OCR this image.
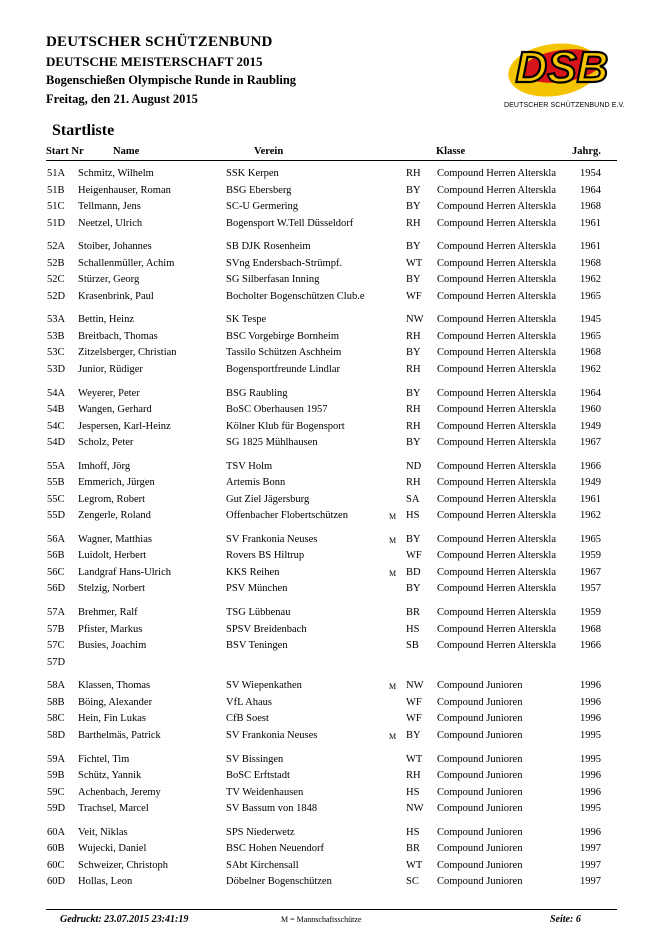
DEUTSCHER SCHÜTZENBUND
DEUTSCHE MEISTERSCHAFT 2015
Bogenschießen Olympische Runde in Raubling
Freitag, den 21. August 2015
DSB
DEUTSCHER SCHÜTZENBUND E.V.
Startliste
Start Nr	Name	Verein	Klasse	Jahrg.
51A Schmitz, Wilhelm	SSK Kerpen	RH Compound Herren Alterskla 1954
51B Heigenhauser, Roman	BSG Ebersberg	BY Compound Herren Alterskla 1964
51C Tellmann, Jens	SC-U Germering	BY Compound Herren Alterskla 1968
51D Neetzel, Ulrich	Bogensport W.Tell Düsseldorf	RH Compound Herren Alterskla 1961
52A Stoiber, Johannes	SB DJK Rosenheim	BY Compound Herren Alterskla 1961
52B Schallenmüller, Achim	SVng Endersbach-Strümpf.	WT Compound Herren Alterskla 1968
52C Stürzer, Georg	SG Silberfasan Inning	BY Compound Herren Alterskla 1962
52D Krasenbrink, Paul	Bocholter Bogenschützen Club.e	WF Compound Herren Alterskla 1965
53A Bettin, Heinz	SK Tespe	NW Compound Herren Alterskla 1945
53B Breitbach, Thomas	BSC Vorgebirge Bornheim	RH Compound Herren Alterskla 1965
53C Zitzelsberger, Christian	Tassilo Schützen Aschheim	BY Compound Herren Alterskla 1968
53D Junior, Rüdiger	Bogensportfreunde Lindlar	RH Compound Herren Alterskla 1962
54A Weyerer, Peter	BSG Raubling	BY Compound Herren Alterskla 1964
54B Wangen, Gerhard	BoSC Oberhausen 1957	RH Compound Herren Alterskla 1960
54C Jespersen, Karl-Heinz	Kölner Klub für Bogensport	RH Compound Herren Alterskla 1949
54D Scholz, Peter	SG 1825 Mühlhausen	BY Compound Herren Alterskla 1967
55A Imhoff, Jörg	TSV Holm	ND Compound Herren Alterskla 1966
55B Emmerich, Jürgen	Artemis Bonn	RH Compound Herren Alterskla 1949
55C Legrom, Robert	Gut Ziel Jägersburg	SA Compound Herren Alterskla 1961
55D Zengerle, Roland	Offenbacher Flobertschützen	M HS Compound Herren Alterskla 1962
56A Wagner, Matthias	SV Frankonia Neuses	M BY Compound Herren Alterskla 1965
56B Luidolt, Herbert	Rovers BS Hiltrup	WF Compound Herren Alterskla 1959
56C Landgraf Hans-Ulrich	KKS Reihen	M BD Compound Herren Alterskla 1967
56D Stelzig, Norbert	PSV München	BY Compound Herren Alterskla 1957
57A Brehmer, Ralf	TSG Lübbenau	BR Compound Herren Alterskla 1959
57B Pfister, Markus	SPSV Breidenbach	HS Compound Herren Alterskla 1968
57C Busies, Joachim	BSV Teningen	SB Compound Herren Alterskla 1966
57D
58A Klassen, Thomas	SV Wiepenkathen	M NW Compound Junioren	1996
58B Böing, Alexander	VfL Ahaus	WF Compound Junioren	1996
58C Hein, Fin Lukas	CfB Soest	WF Compound Junioren	1996
58D Barthelmäs, Patrick	SV Frankonia Neuses	M BY Compound Junioren	1995
59A Fichtel, Tim	SV Bissingen	WT Compound Junioren	1995
59B Schütz, Yannik	BoSC Erftstadt	RH Compound Junioren	1996
59C Achenbach, Jeremy	TV Weidenhausen	HS Compound Junioren	1996
59D Trachsel, Marcel	SV Bassum von 1848	NW Compound Junioren	1995
60A Veit, Niklas	SPS Niederwetz	HS Compound Junioren	1996
60B Wujecki, Daniel	BSC Hohen Neuendorf	BR Compound Junioren	1997
60C Schweizer, Christoph	SAbt Kirchensall	WT Compound Junioren	1997
60D Hollas, Leon	Döbelner Bogenschützen	SC Compound Junioren	1997
Gedruckt: 23.07.2015 23:41:19	M = Mannschaftsschütze	Seite: 6
